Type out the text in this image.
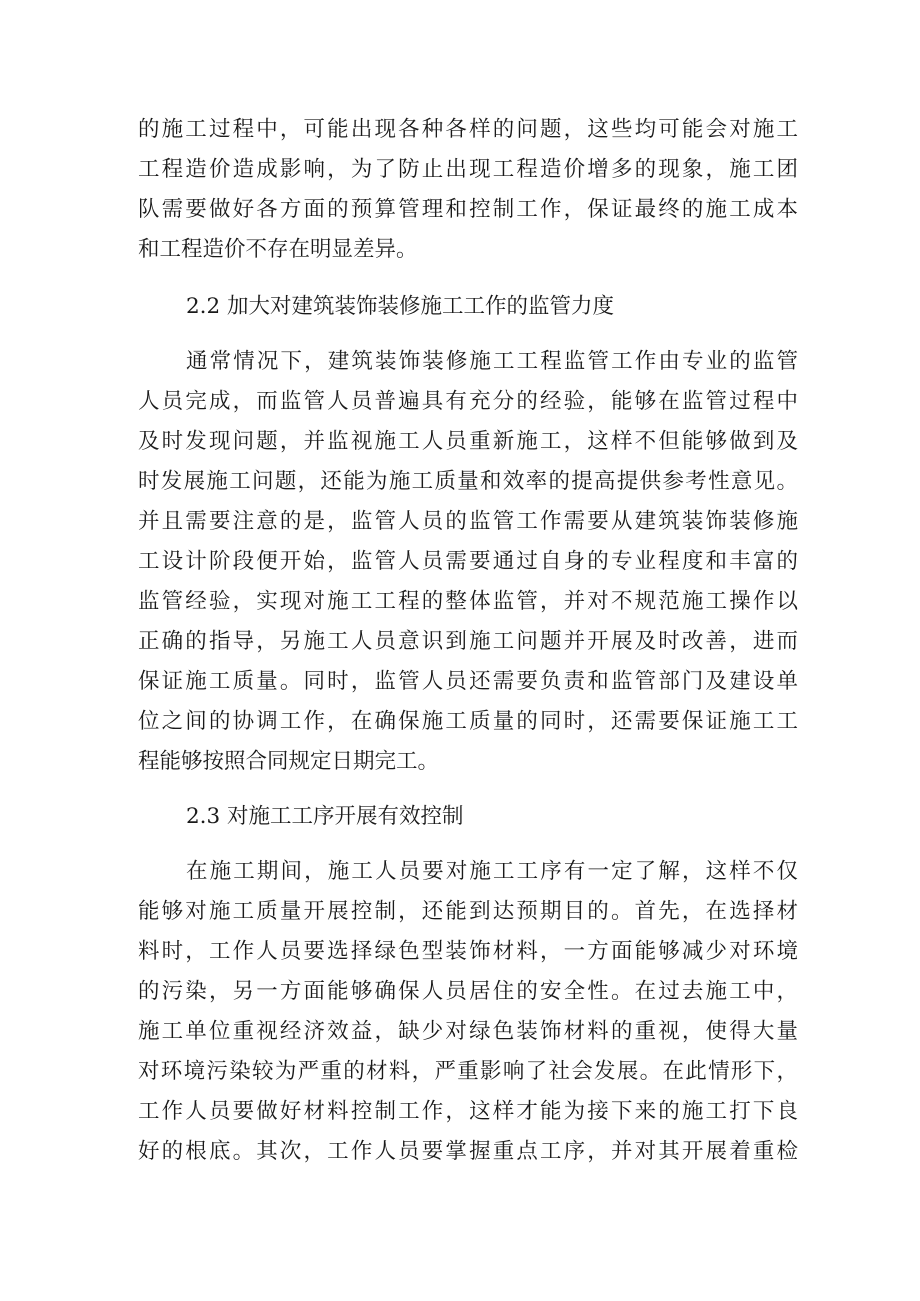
的施工过程中，可能出现各种各样的问题，这些均可能会对施工
工程造价造成影响，为了防止出现工程造价增多的现象，施工团
队需要做好各方面的预算管理和控制工作，保证最终的施工成本
和工程造价不存在明显差异。
2.2 加大对建筑装饰装修施工工作的监管力度
通常情况下，建筑装饰装修施工工程监管工作由专业的监管
人员完成，而监管人员普遍具有充分的经验，能够在监管过程中
及时发现问题，并监视施工人员重新施工，这样不但能够做到及
时发展施工问题，还能为施工质量和效率的提高提供参考性意见。
并且需要注意的是，监管人员的监管工作需要从建筑装饰装修施
工设计阶段便开始，监管人员需要通过自身的专业程度和丰富的
监管经验，实现对施工工程的整体监管，并对不规范施工操作以
正确的指导，另施工人员意识到施工问题并开展及时改善，进而
保证施工质量。同时，监管人员还需要负责和监管部门及建设单
位之间的协调工作，在确保施工质量的同时，还需要保证施工工
程能够按照合同规定日期完工。
2.3 对施工工序开展有效控制
在施工期间，施工人员要对施工工序有一定了解，这样不仅
能够对施工质量开展控制，还能到达预期目的。首先，在选择材
料时，工作人员要选择绿色型装饰材料，一方面能够减少对环境
的污染，另一方面能够确保人员居住的安全性。在过去施工中，
施工单位重视经济效益，缺少对绿色装饰材料的重视，使得大量
对环境污染较为严重的材料，严重影响了社会发展。在此情形下，
工作人员要做好材料控制工作，这样才能为接下来的施工打下良
好的根底。其次，工作人员要掌握重点工序，并对其开展着重检
